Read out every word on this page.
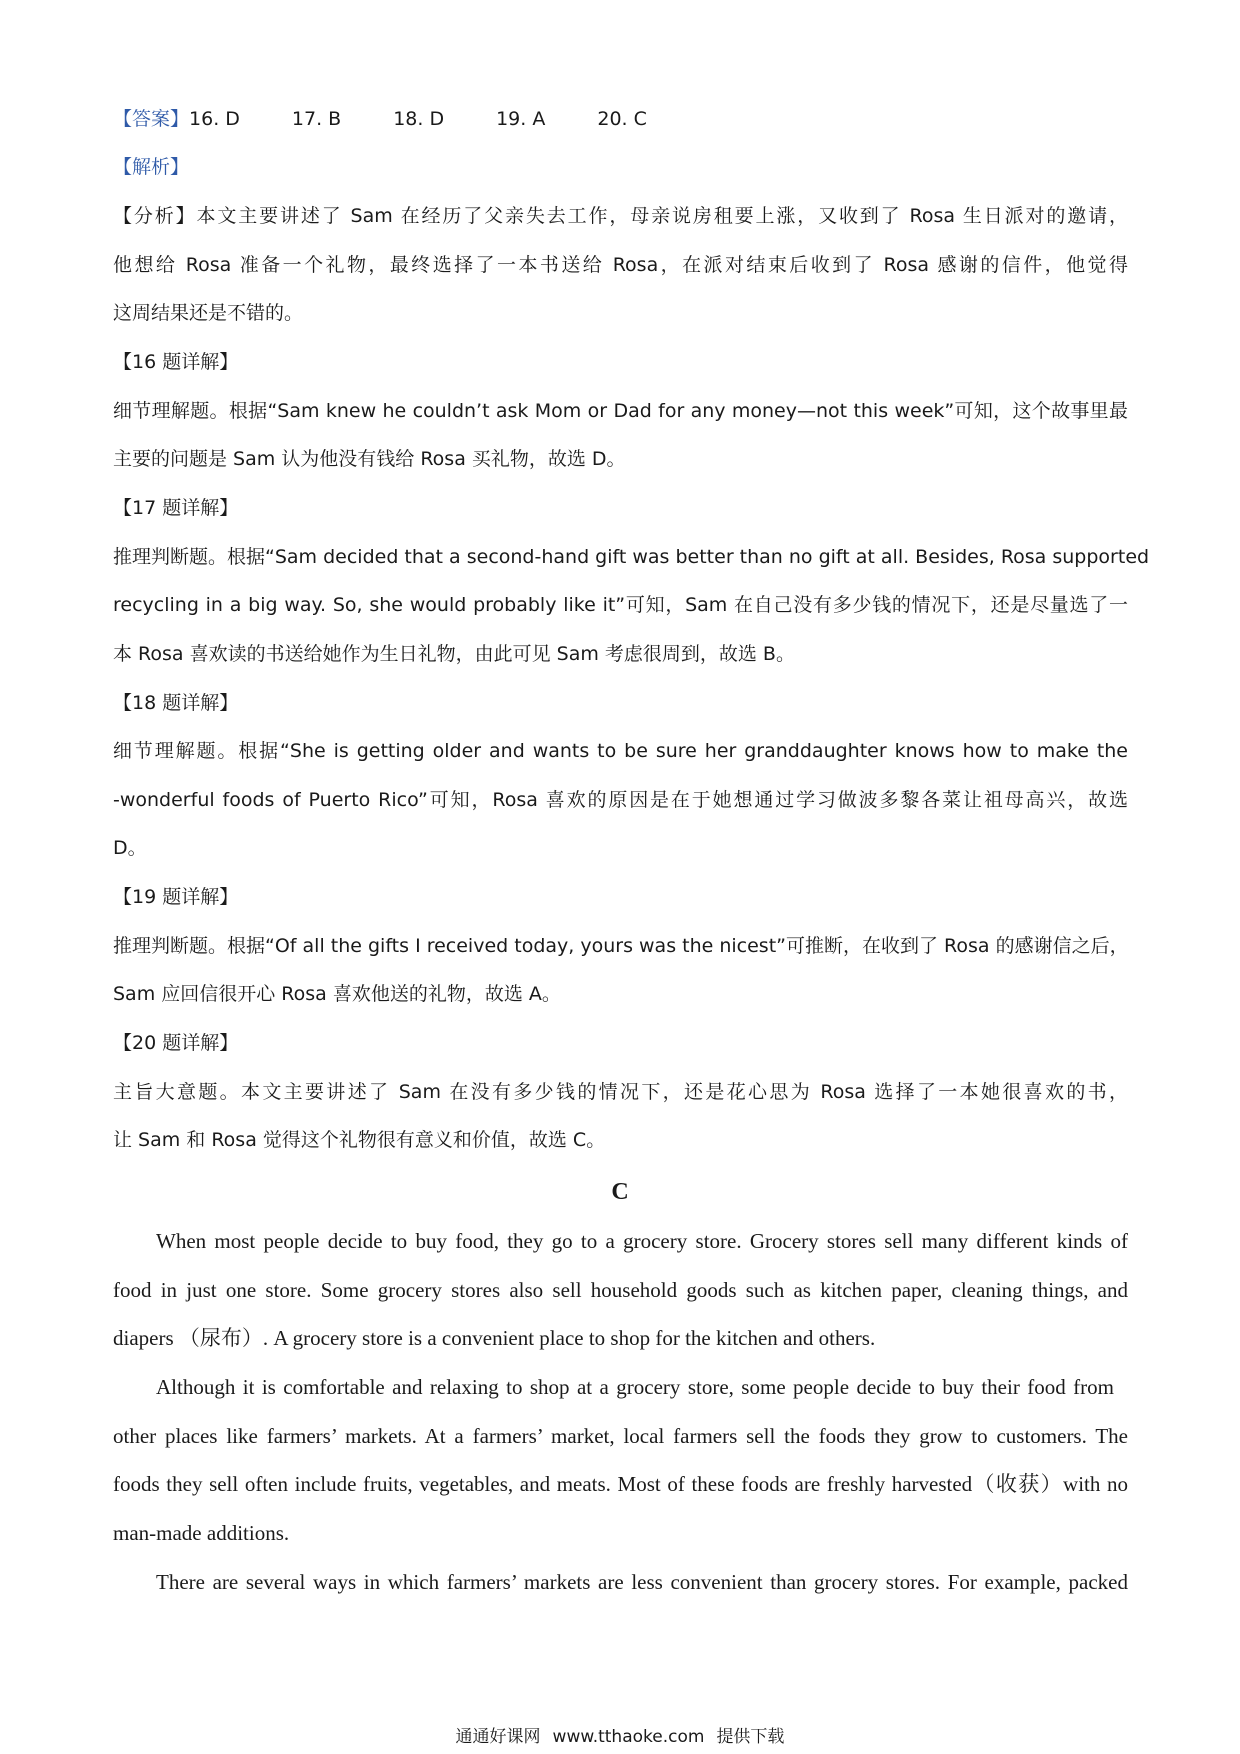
【答案】16. D	17. B	18. D	19. A	20. C
【解析】
【分析】本文主要讲述了 Sam 在经历了父亲失去工作，母亲说房租要上涨，又收到了 Rosa 生日派对的邀请，
他想给 Rosa 准备一个礼物，最终选择了一本书送给 Rosa，在派对结束后收到了 Rosa 感谢的信件，他觉得
这周结果还是不错的。
【16 题详解】
细节理解题。根据“Sam knew he couldn’t ask Mom or Dad for any money—not this week”可知，这个故事里最
主要的问题是 Sam 认为他没有钱给 Rosa 买礼物，故选 D。
【17 题详解】
推理判断题。根据“Sam decided that a second-hand gift was better than no gift at all. Besides, Rosa supported
recycling in a big way. So, she would probably like it”可知，Sam 在自己没有多少钱的情况下，还是尽量选了一
本 Rosa 喜欢读的书送给她作为生日礼物，由此可见 Sam 考虑很周到，故选 B。
【18 题详解】
细节理解题。根据“She is getting older and wants to be sure her granddaughter knows how to make the
-wonderful foods of Puerto Rico”可知，Rosa 喜欢的原因是在于她想通过学习做波多黎各菜让祖母高兴，故选
D。
【19 题详解】
推理判断题。根据“Of all the gifts I received today, yours was the nicest”可推断，在收到了 Rosa 的感谢信之后，
Sam 应回信很开心 Rosa 喜欢他送的礼物，故选 A。
【20 题详解】
主旨大意题。本文主要讲述了 Sam 在没有多少钱的情况下，还是花心思为 Rosa 选择了一本她很喜欢的书，
让 Sam 和 Rosa 觉得这个礼物很有意义和价值，故选 C。
C
When most people decide to buy food, they go to a grocery store. Grocery stores sell many different kinds of
food in just one store. Some grocery stores also sell household goods such as kitchen paper, cleaning things, and
diapers （尿布）. A grocery store is a convenient place to shop for the kitchen and others.
Although it is comfortable and relaxing to shop at a grocery store, some people decide to buy their food from
other places like farmers’ markets. At a farmers’ market, local farmers sell the foods they grow to customers. The
foods they sell often include fruits, vegetables, and meats. Most of these foods are freshly harvested（收获）with no
man-made additions.
There are several ways in which farmers’ markets are less convenient than grocery stores. For example, packed
通通好课网 www.tthaoke.com 提供下载
